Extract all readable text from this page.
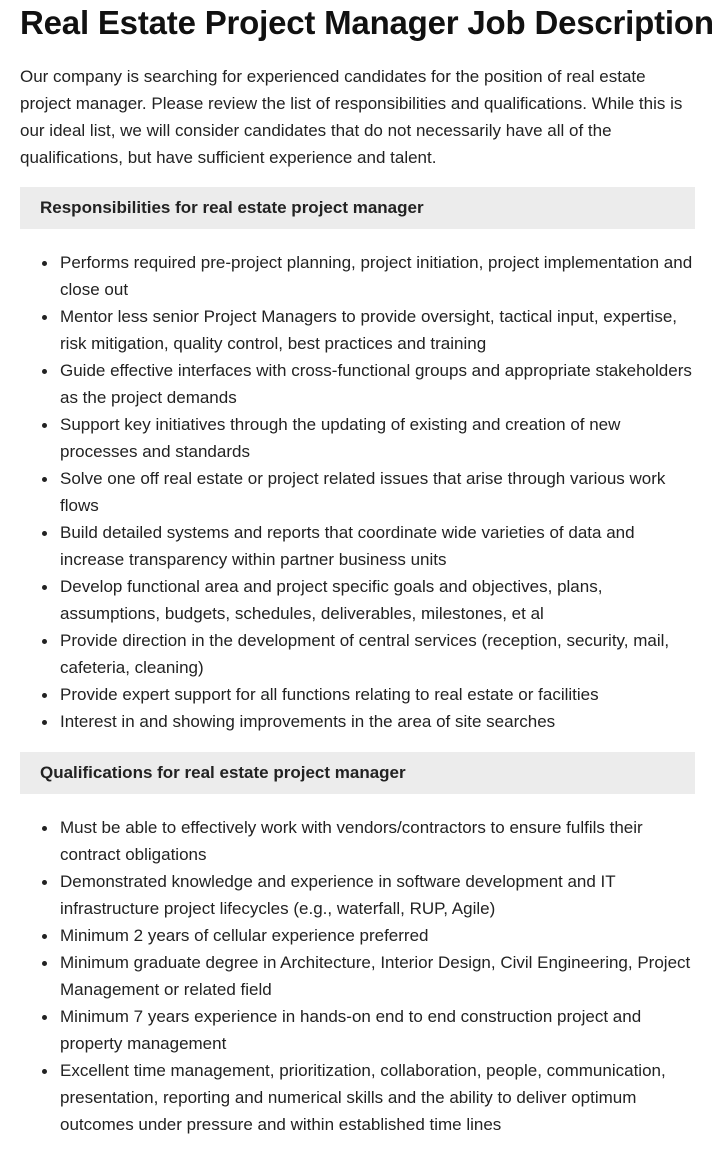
Real Estate Project Manager Job Description

Our company is searching for experienced candidates for the position of real estate project manager. Please review the list of responsibilities and qualifications. While this is our ideal list, we will consider candidates that do not necessarily have all of the qualifications, but have sufficient experience and talent.

Responsibilities for real estate project manager
Performs required pre-project planning, project initiation, project implementation and close out
Mentor less senior Project Managers to provide oversight, tactical input, expertise, risk mitigation, quality control, best practices and training
Guide effective interfaces with cross-functional groups and appropriate stakeholders as the project demands
Support key initiatives through the updating of existing and creation of new processes and standards
Solve one off real estate or project related issues that arise through various work flows
Build detailed systems and reports that coordinate wide varieties of data and increase transparency within partner business units
Develop functional area and project specific goals and objectives, plans, assumptions, budgets, schedules, deliverables, milestones, et al
Provide direction in the development of central services (reception, security, mail, cafeteria, cleaning)
Provide expert support for all functions relating to real estate or facilities
Interest in and showing improvements in the area of site searches
Qualifications for real estate project manager
Must be able to effectively work with vendors/contractors to ensure fulfils their contract obligations
Demonstrated knowledge and experience in software development and IT infrastructure project lifecycles (e.g., waterfall, RUP, Agile)
Minimum 2 years of cellular experience preferred
Minimum graduate degree in Architecture, Interior Design, Civil Engineering, Project Management or related field
Minimum 7 years experience in hands-on end to end construction project and property management
Excellent time management, prioritization, collaboration, people, communication, presentation, reporting and numerical skills and the ability to deliver optimum outcomes under pressure and within established time lines
